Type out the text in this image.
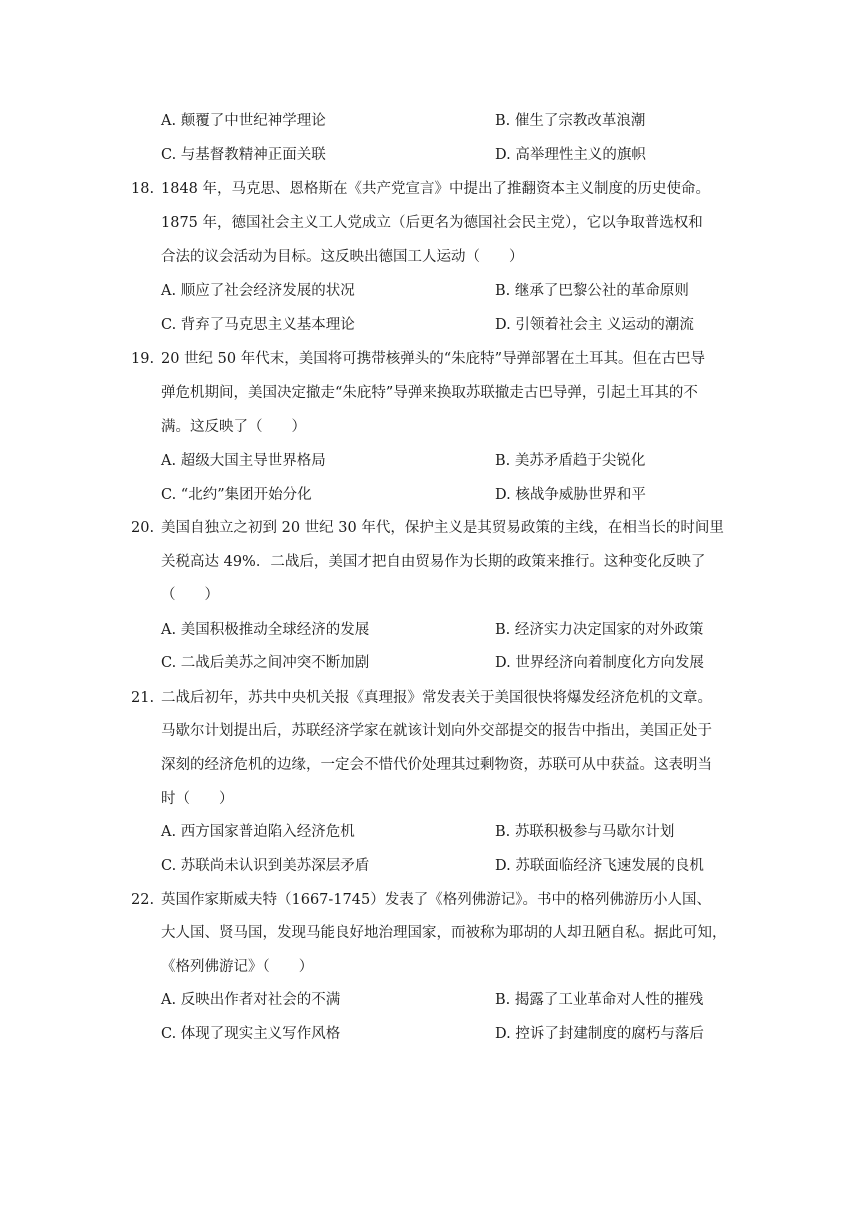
A. 颠覆了中世纪神学理论	B. 催生了宗教改革浪潮
C. 与基督教精神正面关联	D. 高举理性主义的旗帜
18. 1848 年，马克思、恩格斯在《共产党宣言》中提出了推翻资本主义制度的历史使命。
1875 年，德国社会主义工人党成立（后更名为德国社会民主党），它以争取普选权和
合法的议会活动为目标。这反映出德国工人运动（　　）
A. 顺应了社会经济发展的状况	B. 继承了巴黎公社的革命原则
C. 背弃了马克思主义基本理论	D. 引领着社会主 义运动的潮流
19. 20 世纪 50 年代末，美国将可携带核弹头的“朱庇特”导弹部署在土耳其。但在古巴导
弹危机期间，美国决定撤走“朱庇特”导弹来换取苏联撤走古巴导弹，引起土耳其的不
满。这反映了（　　）
A. 超级大国主导世界格局	B. 美苏矛盾趋于尖锐化
C. “北约”集团开始分化	D. 核战争威胁世界和平
20. 美国自独立之初到 20 世纪 30 年代，保护主义是其贸易政策的主线，在相当长的时间里
关税高达 49%．二战后，美国才把自由贸易作为长期的政策来推行。这种变化反映了
（　　）
A. 美国积极推动全球经济的发展	B. 经济实力决定国家的对外政策
C. 二战后美苏之间冲突不断加剧	D. 世界经济向着制度化方向发展
21. 二战后初年，苏共中央机关报《真理报》常发表关于美国很快将爆发经济危机的文章。
马歇尔计划提出后，苏联经济学家在就该计划向外交部提交的报告中指出，美国正处于
深刻的经济危机的边缘，一定会不惜代价处理其过剩物资，苏联可从中获益。这表明当
时（　　）
A. 西方国家普迫陷入经济危机	B. 苏联积极参与马歇尔计划
C. 苏联尚未认识到美苏深层矛盾	D. 苏联面临经济飞速发展的良机
22. 英国作家斯威夫特（1667-1745）发表了《格列佛游记》。书中的格列佛游历小人国、
大人国、贤马国，发现马能良好地治理国家，而被称为耶胡的人却丑陋自私。据此可知，
《格列佛游记》（　　）
A. 反映出作者对社会的不满	B. 揭露了工业革命对人性的摧残
C. 体现了现实主义写作风格	D. 控诉了封建制度的腐朽与落后
